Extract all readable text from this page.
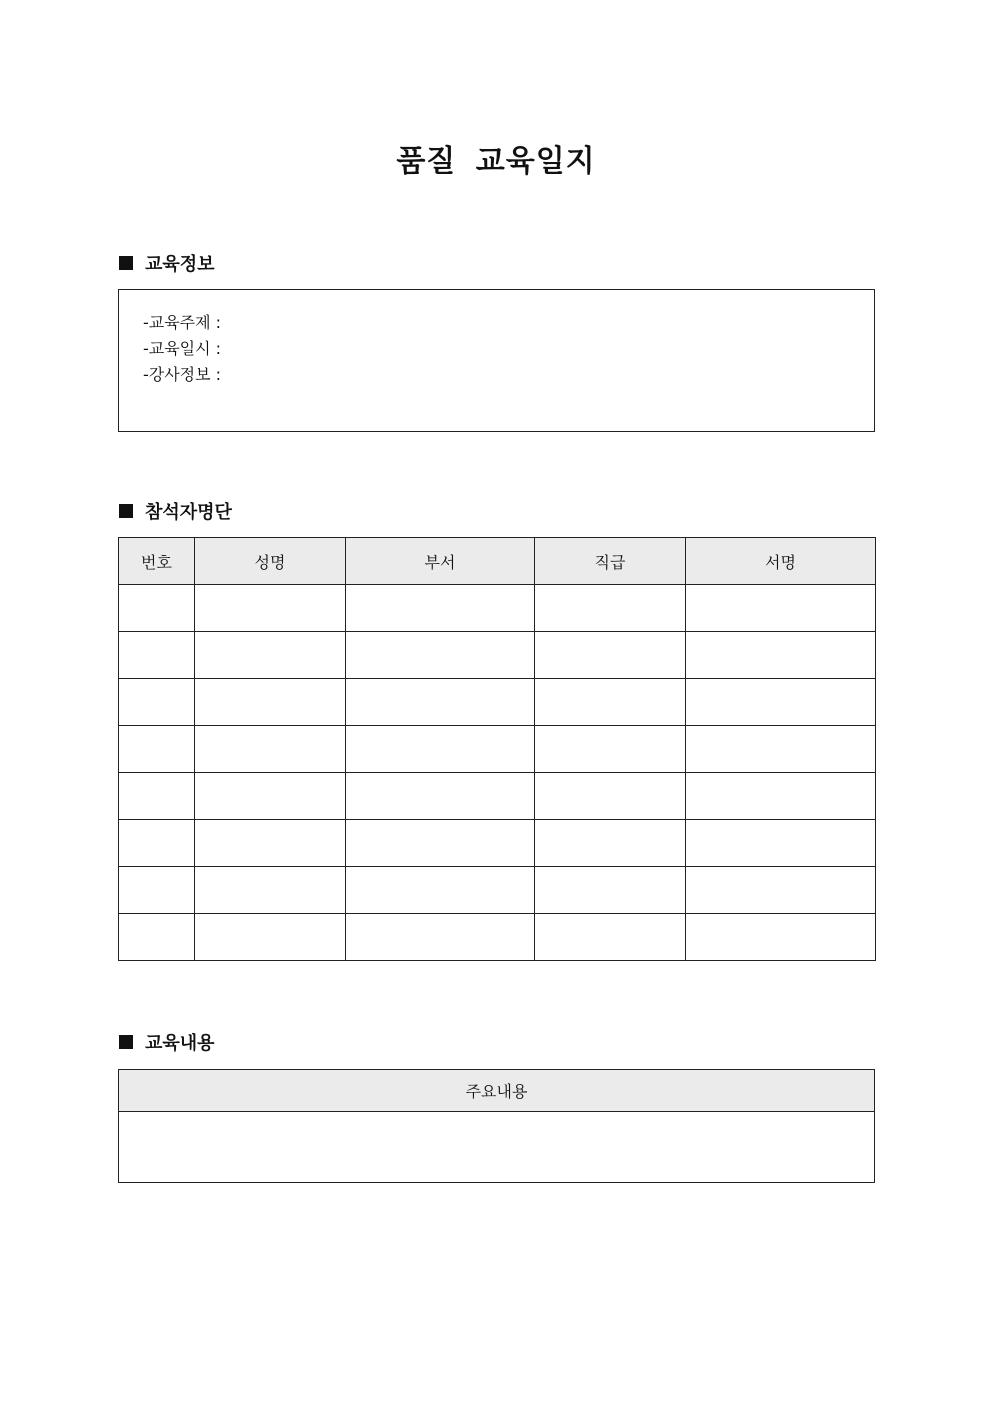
품질 교육일지
교육정보
-교육주제 :
-교육일시 :
-강사정보 :
참석자명단
번호	성명	부서	직급	서명

교육내용
주요내용
